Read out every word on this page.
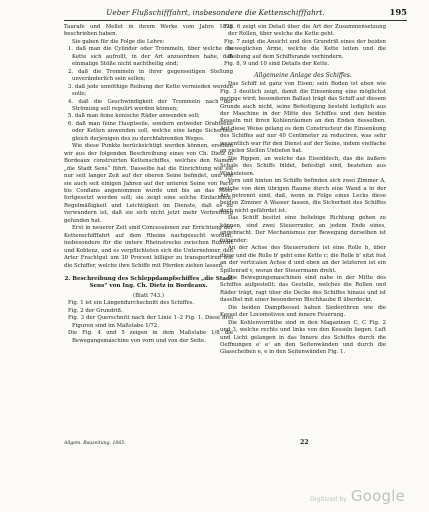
Ueber Flußschifffahrt, insbesondere die Kettenschifffahrt.	195

Taurafe und Mellet in ihrem Werke vom Jahre 1828 beschrieben haben.

Sie gaben für die Folge die Lehre:

1. daß man die Cylinder oder Trommeln, über welche die Kette sich aufrollt, in der Art anzuordnen habe, daß einmalige Stöße nicht nachtheilig sind;

2. daß die Trommeln in ihrer gegenseitigen Stellung unveränderlich sein sollen;

3. daß jede unnöthige Reibung der Kette vermieden werden solle;

4. daß die Geschwindigkeit der Trommeln nach der Strömung soll regulirt werden können;

5. daß man feine konische Räder anwenden soll;

6. daß man feine Hauptseile, sondern entweder Drahtseile oder Ketten anwenden soll, welche eine lange Sicherheit gleich derjenigen des zu durchfahrenden Weges.

Wie diese Punkte berücksichtigt werden können, ersehen wir aus der folgenden Beschreibung eines von Ch. Dietz in Bordeaux construirten Kettenschiffes, welches den Namen „die Stadt Sens“ führt. Dasselbe hat die Einrichtung wie sie nur seit langer Zeit auf der oberen Seine befindet, und wie sie auch seit einigen Jahren auf der unteren Seine von Paris bis Conflans angenommen wurde und bis an das Meer fortgesetzt werden soll; sie zeigt eine solche Einfachheit, Regelmäßigkeit und Leichtigkeit im Dienste, daß es zu verwundern ist, daß sie sich nicht jetzt mehr Verbreitung gefunden hat.

Erst in neuerer Zeit sind Concessionen zur Errichtung der Kettenschifffahrt auf dem Rheine nachgesucht worden, insbesondere für die untere Rheinstrecke zwischen Ruhrort und Koblenz, und es verpflichteten sich die Unternehmer, den Arter Frachtgut um 30 Procent billiger zu transportiren wie die Schiffer, welche ihre Schiffe mit Pferden ziehen lassen.

2. Beschreibung des Schleppdampfschiffes „die Stadt Sens“ von Ing. Ch. Dietz in Bordeaux.

(Blatt 743.)

Fig. 1 ist ein Längendurchschnitt des Schiffes.

Fig. 2 der Grundriß.

Fig. 3 der Querschnitt nach der Linie 1–2 Fig. 1. Diese drei Figuren sind im Maßstabe 1/72.

Die Fig. 4 und 5 zeigen in dem Maßstabe 1/8 die Bewegungsmaschine von vorn und von der Seite.

Fig. 6 zeigt ein Detail über die Art der Zusammensetzung der Rollen, über welche die Kette geht.

Fig. 7 zeigt die Ansicht und den Grundriß eines der beiden beweglichen Arme, welche die Kette leiten und die Reibung auf dem Schiffsrande verhindern.

Fig. 8, 9 und 10 sind Details der Kette.

Allgemeine Anlage des Schiffes.

Das Schiff ist ganz von Eisen; sein Boden ist eben wie Fig. 3 deutlich zeigt, damit die Einsenkung eine möglichst geringe wird; besonderen Ballast trägt das Schiff auf diesem Grunde auch nicht, seine Befestigung besteht lediglich aus der Maschine in der Mitte des Schiffes und den beiden Kesseln mit ihren Kohlenräumen an den Enden desselben. Auf diese Weise gelang es dem Constructeur die Einsenkung des Schiffes auf nur 40 Centimeter zu reduciren, was sehr wesentlich war für den Dienst auf der Seine, indem vielfache an vielen Stellen Untiefen hat.

Die Rippen, an welche das Eisenblech, das die äußere Schale des Schiffs bildet, befestigt sind, bestehen aus Winkeleisen.

Vorn und hinten im Schiffe befinden sich zwei Zimmer A, welche von dem übrigen Raume durch eine Wand a in der Art getrennt sind, daß, wenn in Folge eines Lecks diese beiden Zimmer A Wasser fassen, die Sicherheit des Schiffes doch nicht gefährdet ist.

Das Schiff besitzt eine beliebige Richtung gehen zu können, sind zwei Steuerruder, an jedem Ende eines, angebracht. Der Mechanismus zur Bewegung derselben ist folgender:

An der Achse des Steuerruders ist eine Rolle b, über diese und die Rolle b' geht eine Kette c; die Rolle b' sitzt fest an der verticalen Achse d und oben an der letzteren ist ein Spillenrad v, woran der Steuermann dreht.

Die Bewegungsmaschinen sind nahe in der Mitte des Schiffes aufgestellt; das Gestelle, welches die Rollen und Räder trägt, ragt über die Decke des Schiffes hinaus und ist daselbst mit einer besonderen Blechhaube B überdeckt.

Die beiden Dampfkessel haben Siederöhren wie die Kessel der Locomotiven und innere Feuerung.

Die Kohlenvorräthe sind in den Magazinen C, C Fig. 2 und 3, welche rechts und links von den Kesseln liegen. Luft und Licht gelangen in das Innere des Schiffes durch die Oeffnungen e' e' an den Seitenwänden und durch die Glasscheiben e, e in den Seitenwänden Fig. 1.

Allgem. Bauzeitung. 1865.	22
Digitized by Google
